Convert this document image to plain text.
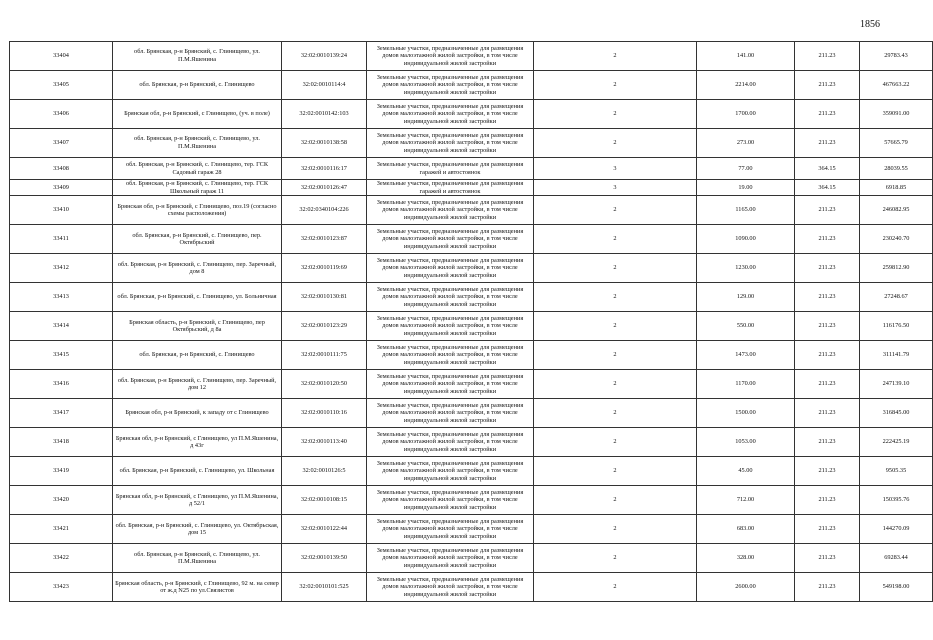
1856
33404	обл. Брянская, р-н Брянский, с. Глинищево, ул. П.М.Яшенина	32:02:0010139:24	Земельные участки, предназначенные для размещения домов малоэтажной жилой застройки, в том числе индивидуальной жилой застройки	2	141.00	211.23	29783.43
33405	обл. Брянская, р-н Брянский, с. Глинищево	32:02:0010114:4	Земельные участки, предназначенные для размещения домов малоэтажной жилой застройки, в том числе индивидуальной жилой застройки	2	2214.00	211.23	467663.22
33406	Брянская обл, р-н Брянский, с Глинищево, (уч. в поле)	32:02:0010142:103	Земельные участки, предназначенные для размещения домов малоэтажной жилой застройки, в том числе индивидуальной жилой застройки	2	1700.00	211.23	359091.00
33407	обл. Брянская, р-н Брянский, с. Глинищево, ул. П.М.Яшенина	32:02:0010138:58	Земельные участки, предназначенные для размещения домов малоэтажной жилой застройки, в том числе индивидуальной жилой застройки	2	273.00	211.23	57665.79
33408	обл. Брянская, р-н Брянский, с. Глинищево, тер. ГСК Садовый гараж 28	32:02:0010116:17	Земельные участки, предназначенные для размещения гаражей и автостоянок	3	77.00	364.15	28039.55
33409	обл. Брянская, р-н Брянский, с. Глинищево, тер. ГСК Школьный гараж 11	32:02:0010126:47	Земельные участки, предназначенные для размещения гаражей и автостоянок	3	19.00	364.15	6918.85
33410	Брянская обл, р-н Брянский, с Глинищево, поз.19 (согласно схемы расположения)	32:02:0340104:226	Земельные участки, предназначенные для размещения домов малоэтажной жилой застройки, в том числе индивидуальной жилой застройки	2	1165.00	211.23	246082.95
33411	обл. Брянская, р-н Брянский, с. Глинищево, пер. Октябрьский	32:02:0010123:87	Земельные участки, предназначенные для размещения домов малоэтажной жилой застройки, в том числе индивидуальной жилой застройки	2	1090.00	211.23	230240.70
33412	обл. Брянская, р-н Брянский, с. Глинищево, пер. Заречный, дом 8	32:02:0010119:69	Земельные участки, предназначенные для размещения домов малоэтажной жилой застройки, в том числе индивидуальной жилой застройки	2	1230.00	211.23	259812.90
33413	обл. Брянская, р-н Брянский, с. Глинищево, ул. Больничная	32:02:0010130:81	Земельные участки, предназначенные для размещения домов малоэтажной жилой застройки, в том числе индивидуальной жилой застройки	2	129.00	211.23	27248.67
33414	Брянская область, р-н Брянский, с Глинищево, пер Октябрьский, д 8а	32:02:0010123:29	Земельные участки, предназначенные для размещения домов малоэтажной жилой застройки, в том числе индивидуальной жилой застройки	2	550.00	211.23	116176.50
33415	обл. Брянская, р-н Брянский, с. Глинищево	32:02:0010111:75	Земельные участки, предназначенные для размещения домов малоэтажной жилой застройки, в том числе индивидуальной жилой застройки	2	1473.00	211.23	311141.79
33416	обл. Брянская, р-н Брянский, с. Глинищево, пер. Заречный, дом 12	32:02:0010120:50	Земельные участки, предназначенные для размещения домов малоэтажной жилой застройки, в том числе индивидуальной жилой застройки	2	1170.00	211.23	247139.10
33417	Брянская обл, р-н Брянский, к западу от с Глинищево	32:02:0010110:16	Земельные участки, предназначенные для размещения домов малоэтажной жилой застройки, в том числе индивидуальной жилой застройки	2	1500.00	211.23	316845.00
33418	Брянская обл, р-н Брянский, с Глинищево, ул П.М.Яшенина, д 43г	32:02:0010113:40	Земельные участки, предназначенные для размещения домов малоэтажной жилой застройки, в том числе индивидуальной жилой застройки	2	1053.00	211.23	222425.19
33419	обл. Брянская, р-н Брянский, с. Глинищево, ул. Школьная	32:02:0010126:5	Земельные участки, предназначенные для размещения домов малоэтажной жилой застройки, в том числе индивидуальной жилой застройки	2	45.00	211.23	9505.35
33420	Брянская обл, р-н Брянский, с Глинищево, ул П.М.Яшенина, д 52/1	32:02:0010108:15	Земельные участки, предназначенные для размещения домов малоэтажной жилой застройки, в том числе индивидуальной жилой застройки	2	712.00	211.23	150395.76
33421	обл. Брянская, р-н Брянский, с. Глинищево, ул. Октябрьская, дом 15	32:02:0010122:44	Земельные участки, предназначенные для размещения домов малоэтажной жилой застройки, в том числе индивидуальной жилой застройки	2	683.00	211.23	144270.09
33422	обл. Брянская, р-н Брянский, с. Глинищево, ул. П.М.Яшенина	32:02:0010139:50	Земельные участки, предназначенные для размещения домов малоэтажной жилой застройки, в том числе индивидуальной жилой застройки	2	328.00	211.23	69283.44
33423	Брянская область, р-н Брянский, с Глинищево, 92 м. на север от ж.д N25 по ул.Связистов	32:02:0010101:525	Земельные участки, предназначенные для размещения домов малоэтажной жилой застройки, в том числе индивидуальной жилой застройки	2	2600.00	211.23	549198.00
